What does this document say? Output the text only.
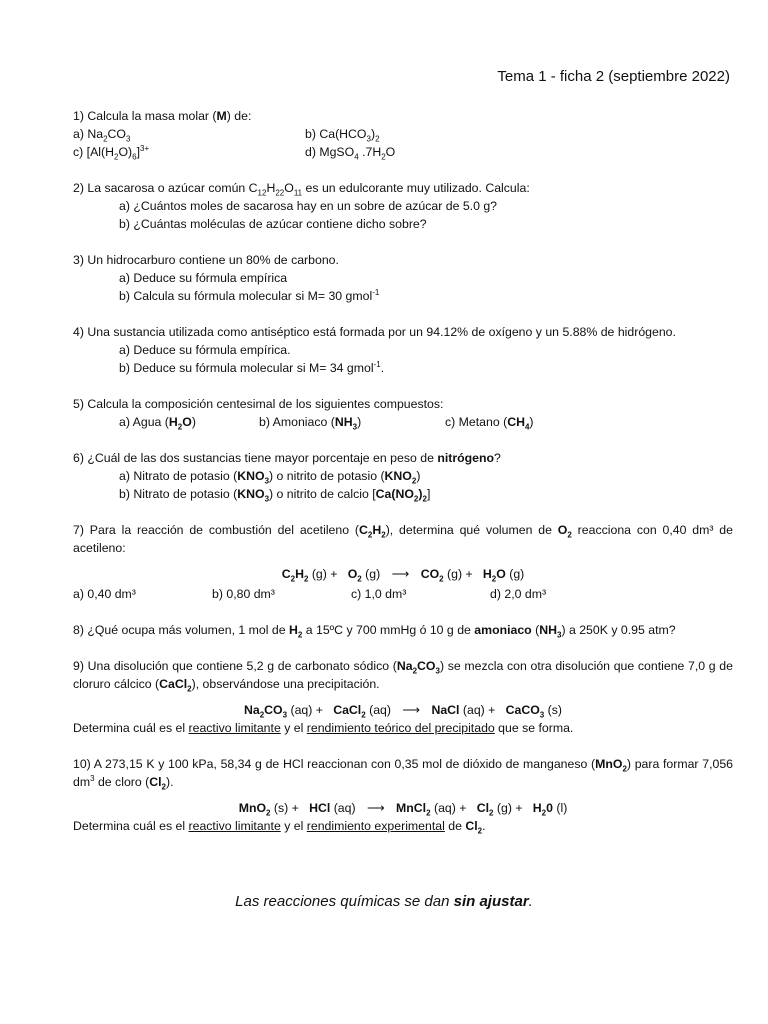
Tema 1 - ficha 2 (septiembre 2022)
1) Calcula la masa molar (M) de:
a) $Na_2CO_3$	b) $Ca(HCO_3)_2$
c) $[Al(H_2O)_6]^{3+}$	d) MgSO$_4$ $.7H_2O$
2) La sacarosa o azúcar común $C_{12}H_{22}O_{11}$ es un edulcorante muy utilizado. Calcula:
a) ¿Cuántos moles de sacarosa hay en un sobre de azúcar de 5.0 g?
b) ¿Cuántas moléculas de azúcar contiene dicho sobre?
3) Un hidrocarburo contiene un 80% de carbono.
a) Deduce su fórmula empírica
b) Calcula su fórmula molecular si M= 30 gmol$^{-1}$
4) Una sustancia utilizada como antiséptico está formada por un 94.12% de oxígeno y un 5.88% de hidrógeno.
a) Deduce su fórmula empírica.
b) Deduce su fórmula molecular si M= 34 gmol$^{-1}$.
5) Calcula la composición centesimal de los siguientes compuestos:
a) Agua $(H_2O)$	b) Amoniaco $(NH_3)$	c) Metano $(CH_4)$
6) ¿Cuál de las dos sustancias tiene mayor porcentaje en peso de nitrógeno?
a) Nitrato de potasio $(KNO_3)$ o nitrito de potasio $(KNO_2)$
b) Nitrato de potasio $(KNO_3)$ o nitrito de calcio $[Ca(NO_2)_2]$
7) Para la reacción de combustión del acetileno $(C_2H_2)$, determina qué volumen de $O_2$ reacciona con 0,40 dm³ de acetileno:
$C_2H_2$ $(g) + O_2$ (g) ⟶ $CO_2$ $(g) + H_2O$ (g)
a) 0,40 dm³	b) 0,80 dm³	c) 1,0 dm³	d) 2,0 dm³
8) ¿Qué ocupa más volumen, 1 mol de $H_2$ a 15ºC y 700 mmHg ó 10 g de amoniaco $(NH_3)$ a 250K y 0.95 atm?
9) Una disolución que contiene 5,2 g de carbonato sódico $(Na_2CO_3)$ se mezcla con otra disolución que contiene 7,0 g de cloruro cálcico (CaCl$_2$), observándose una precipitación.
$Na_2CO_3$ (aq) +   CaCl$_2$ (aq) ⟶ NaCl (aq) +   CaCO$_3$ (s)
Determina cuál es el reactivo limitante y el rendimiento teórico del precipitado que se forma.
10) A 273,15 K y 100 kPa, 58,34 g de HCl reaccionan con 0,35 mol de dióxido de manganeso (MnO$_2$) para formar 7,056 $dm^3$ de cloro $(Cl_2)$.
MnO$_2$ (s) +   HCl (aq) ⟶ MnCl$_2$ $(aq) + Cl_2$ $(g) + H_20$ (l)
Determina cuál es el reactivo limitante y el rendimiento experimental de $Cl_2$.
Las reacciones químicas se dan sin ajustar.
